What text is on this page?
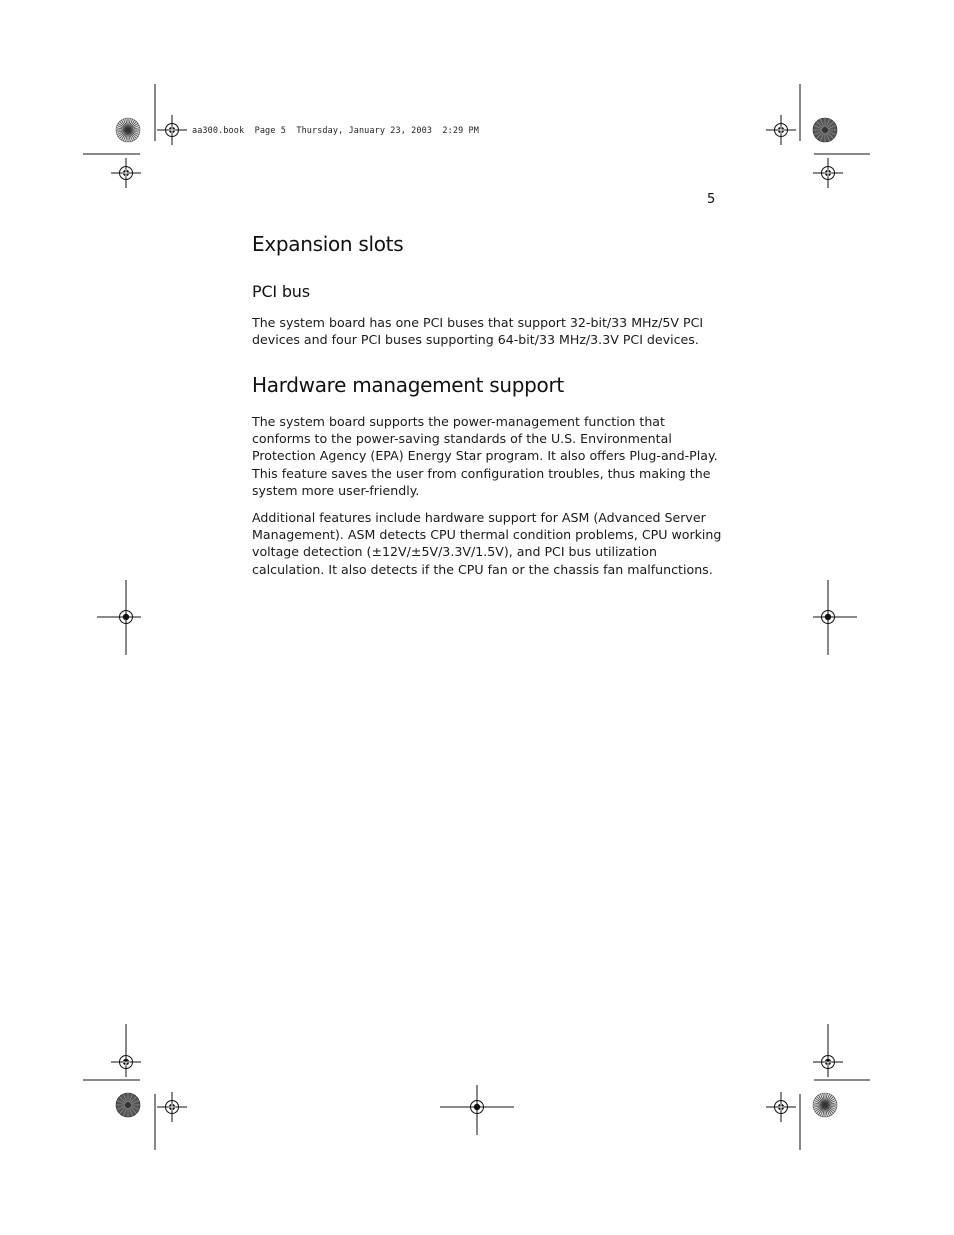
aa300.book  Page 5  Thursday, January 23, 2003  2:29 PM
5
Expansion slots
PCI bus

The system board has one PCI buses that support 32-bit/33 MHz/5V PCI devices and four PCI buses supporting 64-bit/33 MHz/3.3V PCI devices.

Hardware management support

The system board supports the power-management function that conforms to the power-saving standards of the U.S. Environmental Protection Agency (EPA) Energy Star program. It also offers Plug-and-Play. This feature saves the user from configuration troubles, thus making the system more user-friendly.

Additional features include hardware support for ASM (Advanced Server Management). ASM detects CPU thermal condition problems, CPU working voltage detection (±12V/±5V/3.3V/1.5V), and PCI bus utilization calculation. It also detects if the CPU fan or the chassis fan malfunctions.
